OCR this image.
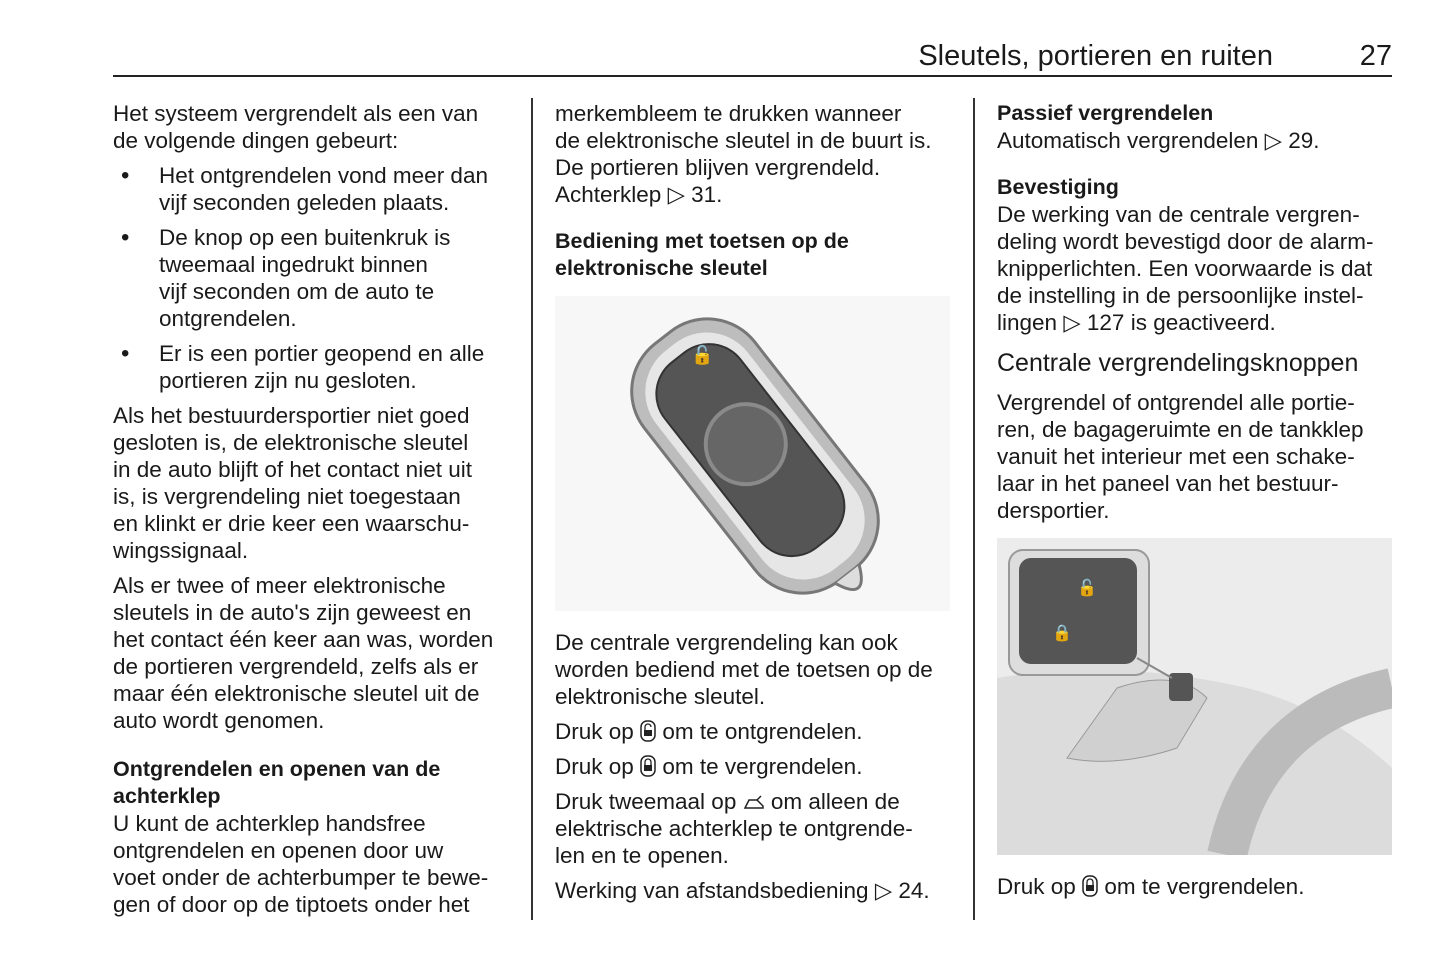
Sleutels, portieren en ruiten	27

Het systeem vergrendelt als een van
de volgende dingen gebeurt:

• Het ontgrendelen vond meer dan
vijf seconden geleden plaats.
• De knop op een buitenkruk is
tweemaal ingedrukt binnen
vijf seconden om de auto te
ontgrendelen.
• Er is een portier geopend en alle
portieren zijn nu gesloten.

Als het bestuurdersportier niet goed
gesloten is, de elektronische sleutel
in de auto blijft of het contact niet uit
is, is vergrendeling niet toegestaan
en klinkt er drie keer een waarschu-
wingssignaal.

Als er twee of meer elektronische
sleutels in de auto's zijn geweest en
het contact één keer aan was, worden
de portieren vergrendeld, zelfs als er
maar één elektronische sleutel uit de
auto wordt genomen.

Ontgrendelen en openen van de
achterklep

U kunt de achterklep handsfree
ontgrendelen en openen door uw
voet onder de achterbumper te bewe-
gen of door op de tiptoets onder het

merkembleem te drukken wanneer
de elektronische sleutel in de buurt is.
De portieren blijven vergrendeld.

Achterklep ▷ 31.

Bediening met toetsen op de
elektronische sleutel

🔓

De centrale vergrendeling kan ook
worden bediend met de toetsen op de
elektronische sleutel.

Druk op om te ontgrendelen.

Druk op om te vergrendelen.

Druk tweemaal op om alleen de

elektrische achterklep te ontgrende-
len en te openen.

Werking van afstandsbediening ▷ 24.

Passief vergrendelen

Automatisch vergrendelen ▷ 29.

Bevestiging

De werking van de centrale vergren-
deling wordt bevestigd door de alarm-
knipperlichten. Een voorwaarde is dat
de instelling in de persoonlijke instel-

lingen ▷ 127 is geactiveerd.

Centrale vergrendelingsknoppen

Vergrendel of ontgrendel alle portie-
ren, de bagageruimte en de tankklep
vanuit het interieur met een schake-
laar in het paneel van het bestuur-
dersportier.

🔓
🔒

Druk op om te vergrendelen.
